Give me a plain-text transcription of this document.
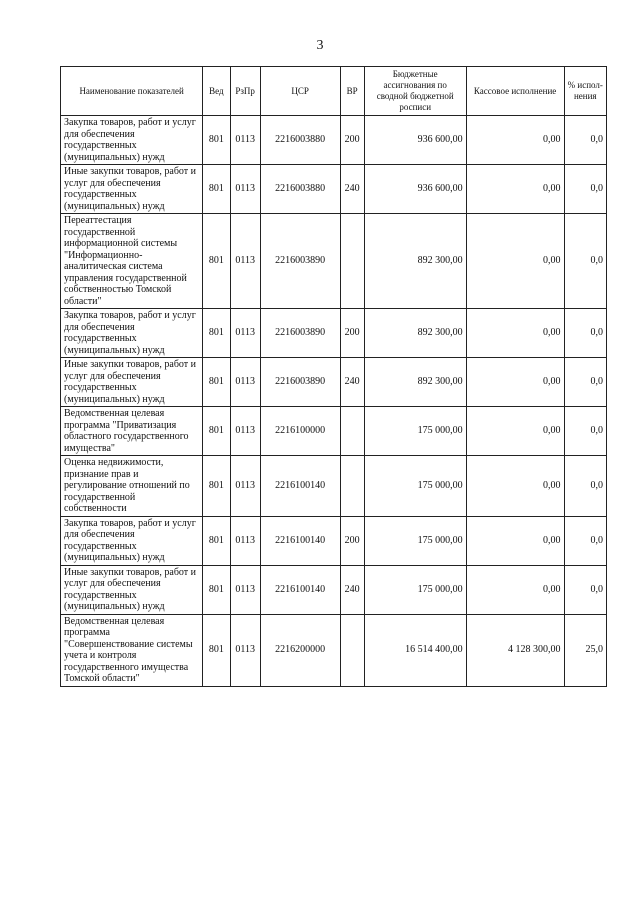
3
Наименование показателей	Вед	РзПр	ЦСР	ВР	Бюджетные ассигнования по сводной бюджетной росписи	Кассовое исполнение	% испол- нения
Закупка товаров, работ и услуг для обеспечения государственных (муниципальных) нужд	801	0113	2216003880	200	936 600,00	0,00	0,0
Иные закупки товаров, работ и услуг для обеспечения государственных (муниципальных) нужд	801	0113	2216003880	240	936 600,00	0,00	0,0
Переаттестация государственной информационной системы "Информационно-аналитическая система управления государственной собственностью Томской области"	801	0113	2216003890		892 300,00	0,00	0,0
Закупка товаров, работ и услуг для обеспечения государственных (муниципальных) нужд	801	0113	2216003890	200	892 300,00	0,00	0,0
Иные закупки товаров, работ и услуг для обеспечения государственных (муниципальных) нужд	801	0113	2216003890	240	892 300,00	0,00	0,0
Ведомственная целевая программа "Приватизация областного государственного имущества"	801	0113	2216100000		175 000,00	0,00	0,0
Оценка недвижимости, признание прав и регулирование отношений по государственной собственности	801	0113	2216100140		175 000,00	0,00	0,0
Закупка товаров, работ и услуг для обеспечения государственных (муниципальных) нужд	801	0113	2216100140	200	175 000,00	0,00	0,0
Иные закупки товаров, работ и услуг для обеспечения государственных (муниципальных) нужд	801	0113	2216100140	240	175 000,00	0,00	0,0
Ведомственная целевая программа "Совершенствование системы учета и контроля государственного имущества Томской области"	801	0113	2216200000		16 514 400,00	4 128 300,00	25,0
